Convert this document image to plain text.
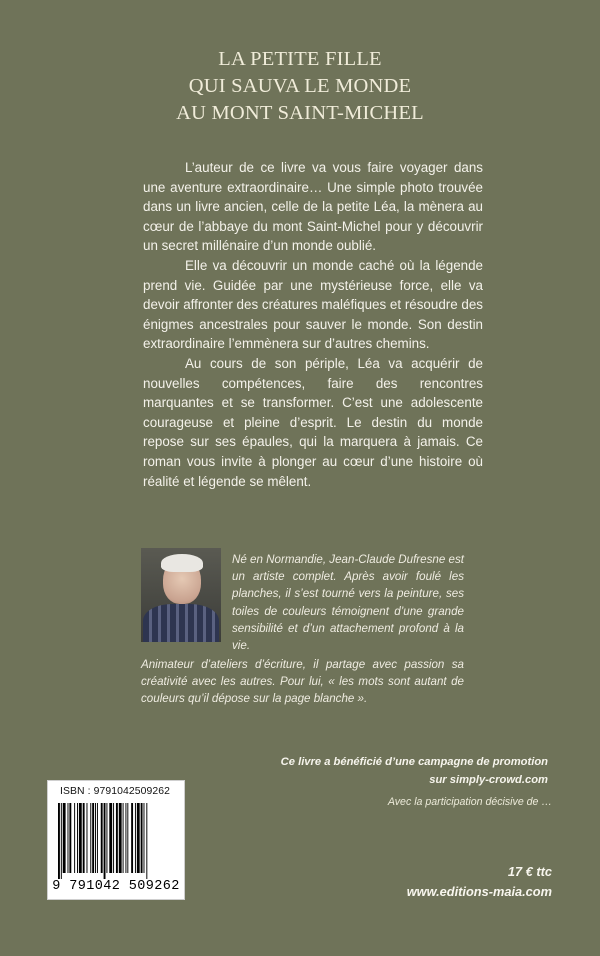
LA PETITE FILLE
QUI SAUVA LE MONDE
AU MONT SAINT-MICHEL

L’auteur de ce livre va vous faire voyager dans une aventure extraordinaire… Une simple photo trouvée dans un livre ancien, celle de la petite Léa, la mènera au cœur de l’abbaye du mont Saint-Michel pour y découvrir un secret millénaire d’un monde oublié.

Elle va découvrir un monde caché où la légende prend vie. Guidée par une mystérieuse force, elle va devoir affronter des créatures maléfiques et résoudre des énigmes ancestrales pour sauver le monde. Son destin extraordinaire l’emmènera sur d’autres chemins.

Au cours de son périple, Léa va acquérir de nouvelles compétences, faire des rencontres marquantes et se transformer. C’est une adolescente courageuse et pleine d’esprit. Le destin du monde repose sur ses épaules, qui la marquera à jamais. Ce roman vous invite à plonger au cœur d’une histoire où réalité et légende se mêlent.

Né en Normandie, Jean-Claude Dufresne est un artiste complet. Après avoir foulé les planches, il s’est tourné vers la peinture, ses toiles de couleurs témoignent d’une grande sensibilité et d’un attachement profond à la vie.
Animateur d’ateliers d’écriture, il partage avec passion sa créativité avec les autres. Pour lui, « les mots sont autant de couleurs qu’il dépose sur la page blanche ».
Ce livre a bénéficié d’une campagne de promotion
sur simply-crowd.com
Avec la participation décisive de …
ISBN : 9791042509262
9 791042 509262
17 € ttc
www.editions-maia.com
